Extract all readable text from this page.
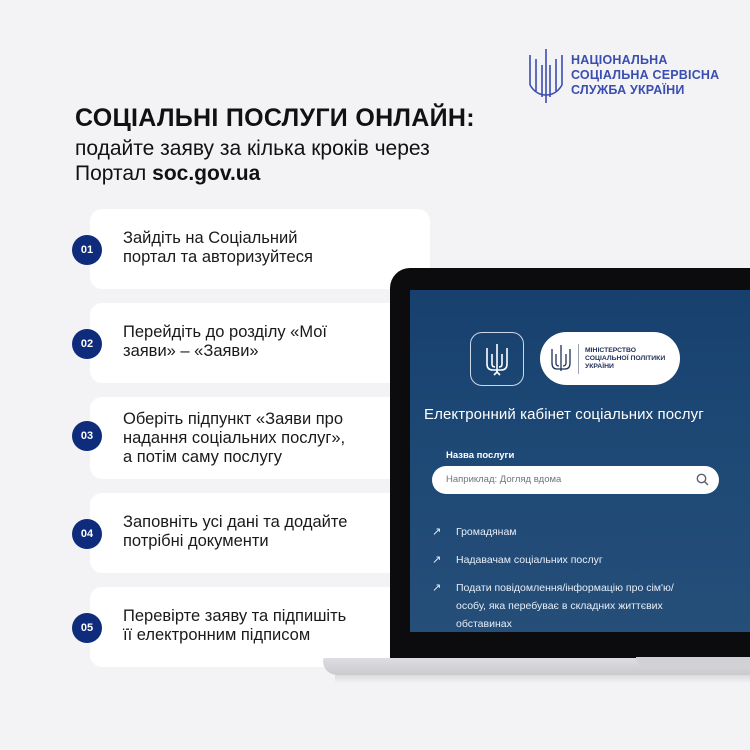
НАЦІОНАЛЬНА
СОЦІАЛЬНА СЕРВІСНА
СЛУЖБА УКРАЇНИ
СОЦІАЛЬНІ ПОСЛУГИ ОНЛАЙН:
подайте заяву за кілька кроків через
Портал soc.gov.ua
01
Зайдіть на Соціальний
портал та авторизуйтеся
02
Перейдіть до розділу «Мої
заяви» – «Заяви»
03
Оберіть підпункт «Заяви про
надання соціальних послуг»,
а потім саму послугу
04
Заповніть усі дані та додайте
потрібні документи
05
Перевірте заяву та підпишіть
її електронним підписом
МІНІСТЕРСТВО
СОЦІАЛЬНОЇ ПОЛІТИКИ
УКРАЇНИ
Електронний кабінет соціальних послуг
Назва послуги
Наприклад: Догляд вдома
↗	Громадянам
↗	Надавачам соціальних послуг
↗	Подати повідомлення/інформацію про сім'ю/
особу, яка перебуває в складних життєвих
обставинах
